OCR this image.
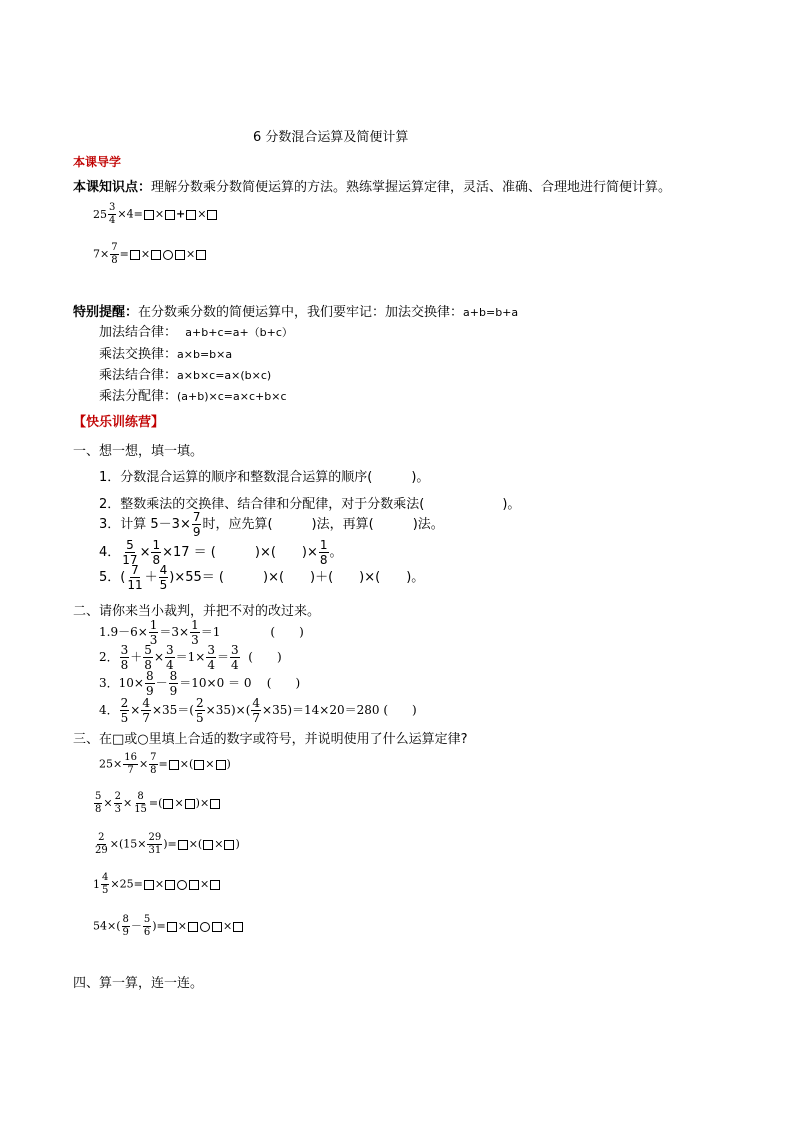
6 分数混合运算及简便计算
本课导学
本课知识点：理解分数乘分数简便运算的方法。熟练掌握运算定律，灵活、准确、合理地进行简便计算。
$25 \frac{3}{4} \times 4=$ × + ×
$7\times \frac{7}{8}$ = ×	×
特别提醒：在分数乘分数的简便运算中，我们要牢记：加法交换律：a+b=b+a
加法结合律： a+b+c=a+（b+c）
乘法交换律：a×b=b×a
乘法结合律：a×b×c=a×(b×c)
乘法分配律：(a+b)×c=a×c+b×c
【快乐训练营】
一、想一想，填一填。
1．分数混合运算的顺序和整数混合运算的顺序(　　　)。
2．整数乘法的交换律、结合律和分配律，对于分数乘法(　　　　　　)。
3．计算 $5-3\times \frac{7}{9}$ 时，应先算(　　　)法，再算(　　　)法。
4． $\frac{5}{17} \times \frac{1}{8} \times 17$ ＝ (　　　)×(　　)× $\frac{1}{8}$ 。
5．( $\frac{7}{11} + \frac{4}{5} )\times 55=$ (　　　)×(　　)＋(　　)×(　　)。
二、请你来当小裁判，并把不对的改过来。
$1.9-6\times \frac{1}{3} =3\times \frac{1}{3} =1$	(　　)
2． $\frac{3}{8} + \frac{5}{8} \times \frac{3}{4} =1\times \frac{3}{4} = \frac{3}{4}$ (　　)
3．$10\times \frac{8}{9} - \frac{8}{9} =10\times 0 = 0$ (　　)
4． $\frac{2}{5} \times \frac{4}{7} \times 35=( \frac{2}{5} \times 35)\times( \frac{4}{7} \times 35)=14\times 20=280$ (　　)
三、在□或○里填上合适的数字或符号，并说明使用了什么运算定律?
$25\times \frac{16}{7} \times \frac{7}{8}$ = ×( × )
$\frac{5}{8} \times \frac{2}{3} \times \frac{8}{15}$ =( × )×
$\frac{2}{29} \times(15\times \frac{29}{31}$ )= ×( × )
$1 \frac{4}{5} \times 25=$ ×	×
$54\times( \frac{8}{9} - \frac{5}{6}$ )= ×	×
四、算一算，连一连。
